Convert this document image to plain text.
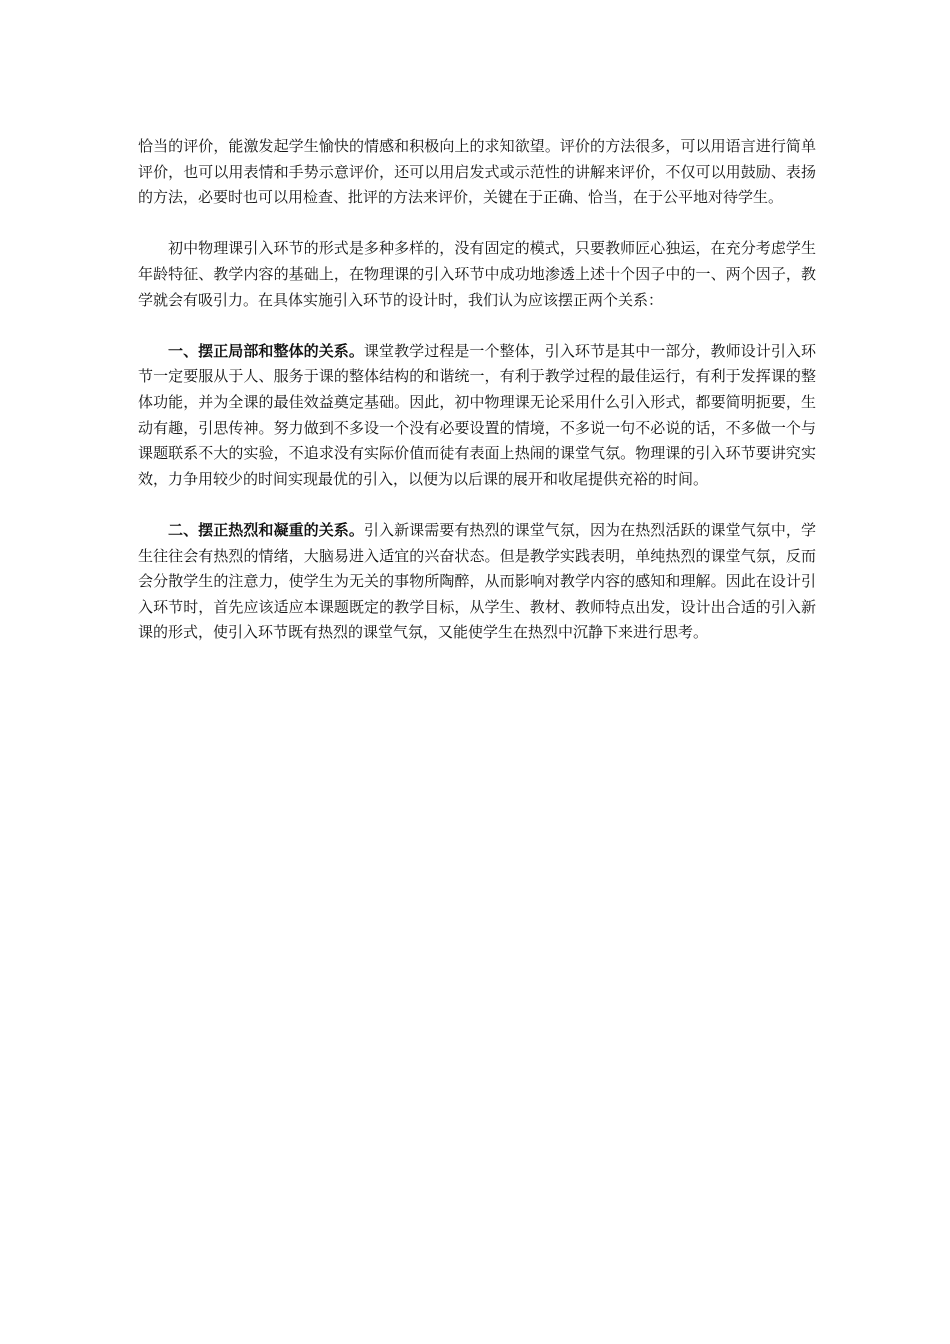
恰当的评价，能激发起学生愉快的情感和积极向上的求知欲望。评价的方法很多，可以用语言进行简单评价，也可以用表情和手势示意评价，还可以用启发式或示范性的讲解来评价，不仅可以用鼓励、表扬的方法，必要时也可以用检查、批评的方法来评价，关键在于正确、恰当，在于公平地对待学生。

初中物理课引入环节的形式是多种多样的，没有固定的模式，只要教师匠心独运，在充分考虑学生年龄特征、教学内容的基础上，在物理课的引入环节中成功地渗透上述十个因子中的一、两个因子，教学就会有吸引力。在具体实施引入环节的设计时，我们认为应该摆正两个关系：

一、摆正局部和整体的关系。课堂教学过程是一个整体，引入环节是其中一部分，教师设计引入环节一定要服从于人、服务于课的整体结构的和谐统一，有利于教学过程的最佳运行，有利于发挥课的整体功能，并为全课的最佳效益奠定基础。因此，初中物理课无论采用什么引入形式，都要简明扼要，生动有趣，引思传神。努力做到不多设一个没有必要设置的情境，不多说一句不必说的话，不多做一个与课题联系不大的实验，不追求没有实际价值而徒有表面上热闹的课堂气氛。物理课的引入环节要讲究实效，力争用较少的时间实现最优的引入，以便为以后课的展开和收尾提供充裕的时间。

二、摆正热烈和凝重的关系。引入新课需要有热烈的课堂气氛，因为在热烈活跃的课堂气氛中，学生往往会有热烈的情绪，大脑易进入适宜的兴奋状态。但是教学实践表明，单纯热烈的课堂气氛，反而会分散学生的注意力，使学生为无关的事物所陶醉，从而影响对教学内容的感知和理解。因此在设计引入环节时，首先应该适应本课题既定的教学目标，从学生、教材、教师特点出发，设计出合适的引入新课的形式，使引入环节既有热烈的课堂气氛，又能使学生在热烈中沉静下来进行思考。
